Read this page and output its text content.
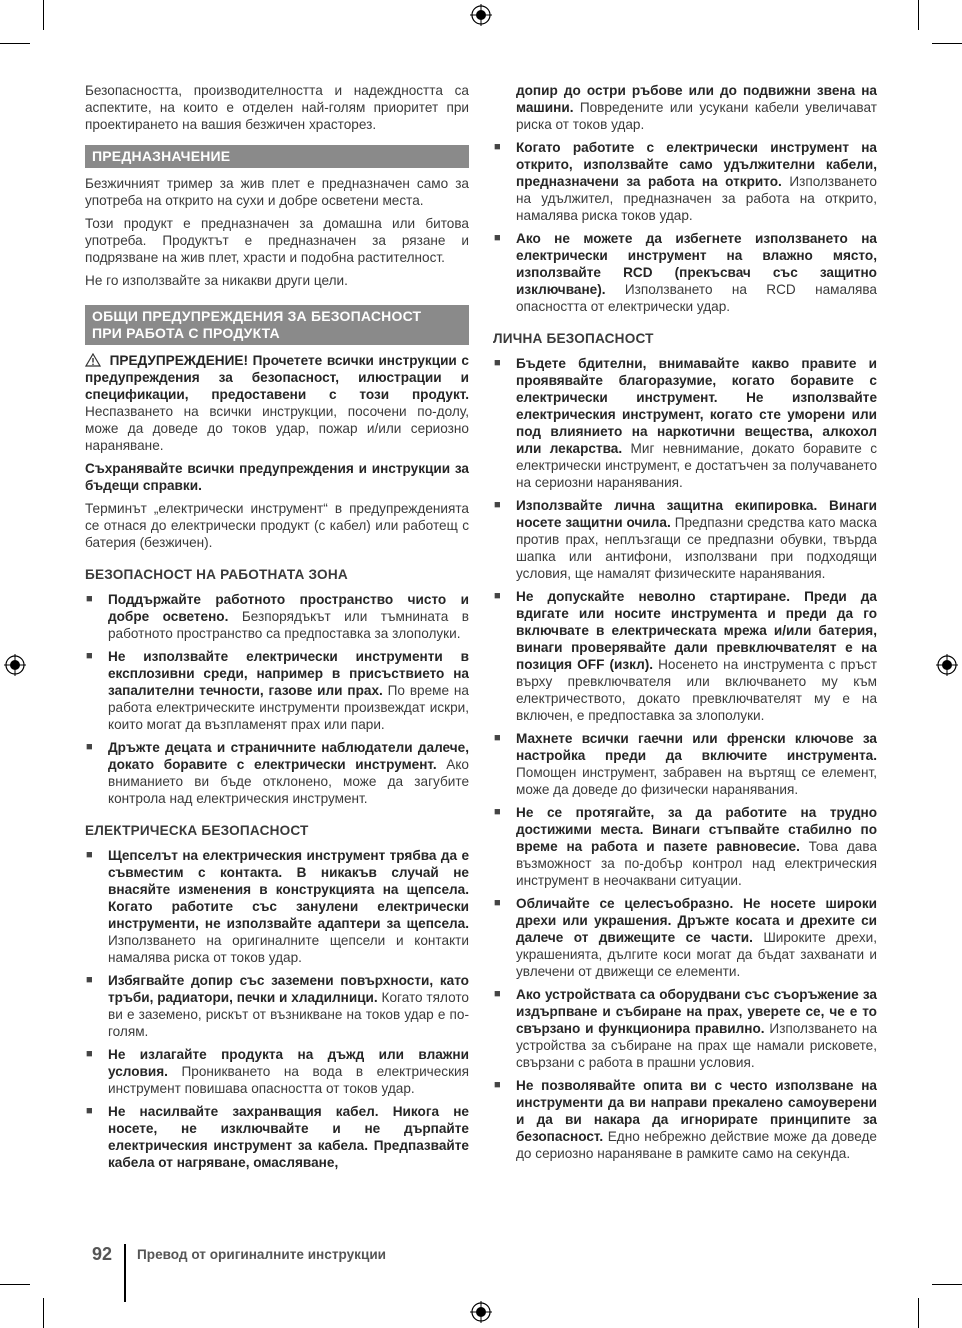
Безопасността, производителността и надеждността са аспектите, на които е отделен най-голям приоритет при проектирането на вашия безжичен храсторез.

ПРЕДНАЗНАЧЕНИЕ

Безжичният тример за жив плет е предназначен само за употреба на открито на сухи и добре осветени места.

Този продукт е предназначен за домашна или битова употреба. Продуктът е предназначен за рязане и подрязване на жив плет, храсти и подобна растителност.

Не го използвайте за никакви други цели.

ОБЩИ ПРЕДУПРЕЖДЕНИЯ ЗА БЕЗОПАСНОСТ
ПРИ РАБОТА С ПРОДУКТА

ПРЕДУПРЕЖДЕНИЕ! Прочетете всички инструкции с предупреждения за безопасност, илюстрации и спецификации, предоставени с този продукт. Неспазването на всички инструкции, посочени по-долу, може да доведе до токов удар, пожар и/или сериозно нараняване.

Съхранявайте всички предупреждения и инструкции за бъдещи справки.

Терминът „електрически инструмент“ в предупрежденията се отнася до електрически продукт (с кабел) или работещ с батерия (безжичен).

БЕЗОПАСНОСТ НА РАБОТНАТА ЗОНА
■ Поддържайте работното пространство чисто и добре осветено. Безпорядъкът или тъмнината в работното пространство са предпоставка за злополуки.
■ Не използвайте електрически инструменти в експлозивни среди, например в присъствието на запалителни течности, газове или прах. По време на работа електрическите инструменти произвеждат искри, които могат да възпламенят прах или пари.
■ Дръжте децата и страничните наблюдатели далече, докато боравите с електрически инструмент. Ако вниманието ви бъде отклонено, може да загубите контрола над електрическия инструмент.
ЕЛЕКТРИЧЕСКА БЕЗОПАСНОСТ
■ Щепселът на електрическия инструмент трябва да е съвместим с контакта. В никакъв случай не внасяйте изменения в конструкцията на щепсела. Когато работите със занулени електрически инструменти, не използвайте адаптери за щепсела. Използването на оригиналните щепсели и контакти намалява риска от токов удар.
■ Избягвайте допир със заземени повърхности, като тръби, радиатори, печки и хладилници. Когато тялото ви е заземено, рискът от възникване на токов удар е по-голям.
■ Не излагайте продукта на дъжд или влажни условия. Проникването на вода в електрическия инструмент повишава опасността от токов удар.
■ Не насилвайте захранващия кабел. Никога не носете, не изключвайте и не дърпайте електрическия инструмент за кабела. Предпазвайте кабела от нагряване, омасляване,
допир до остри ръбове или до подвижни звена на машини. Повредените или усукани кабели увеличават риска от токов удар.
■ Когато работите с електрически инструмент на открито, използвайте само удължителни кабели, предназначени за работа на открито. Използването на удължител, предназначен за работа на открито, намалява риска токов удар.
■ Ако не можете да избегнете използването на електрически инструмент на влажно място, използвайте RCD (прекъсвач със защитно изключване). Използването на RCD намалява опасността от електрически удар.
ЛИЧНА БЕЗОПАСНОСТ
■ Бъдете бдителни, внимавайте какво правите и проявявайте благоразумие, когато боравите с електрически инструмент. Не използвайте електрическия инструмент, когато сте уморени или под влиянието на наркотични вещества, алкохол или лекарства. Миг невнимание, докато боравите с електрически инструмент, е достатъчен за получаването на сериозни наранявания.
■ Използвайте лична защитна екипировка. Винаги носете защитни очила. Предпазни средства като маска против прах, неплъзгащи се предпазни обувки, твърда шапка или антифони, използвани при подходящи условия, ще намалят физическите наранявания.
■ Не допускайте неволно стартиране. Преди да вдигате или носите инструмента и преди да го включвате в електрическата мрежа и/или батерия, винаги проверявайте дали превключвателят е на позиция OFF (изкл). Носенето на инструмента с пръст върху превключвателя или включването му към електричеството, докато превключвателят му е на включен, е предпоставка за злополуки.
■ Махнете всички гаечни или френски ключове за настройка преди да включите инструмента. Помощен инструмент, забравен на въртящ се елемент, може да доведе до физически наранявания.
■ Не се протягайте, за да работите на трудно достижими места. Винаги стъпвайте стабилно по време на работа и пазете равновесие. Това дава възможност за по-добър контрол над електрическия инструмент в неочаквани ситуации.
■ Обличайте се целесъобразно. Не носете широки дрехи или украшения. Дръжте косата и дрехите си далече от движещите се части. Широките дрехи, украшенията, дългите коси могат да бъдат захванати и увлечени от движещи се елементи.
■ Ако устройствата са оборудвани със съоръжение за издърпване и събиране на прах, уверете се, че е то свързано и функционира правилно. Използването на устройства за събиране на прах ще намали рисковете, свързани с работа в прашни условия.
■ Не позволявайте опита ви с често използване на инструменти да ви направи прекалено самоуверени и да ви накара да игнорирате принципите за безопасност. Едно небрежно действие може да доведе до сериозно нараняване в рамките само на секунда.
92 Превод от оригиналните инструкции
